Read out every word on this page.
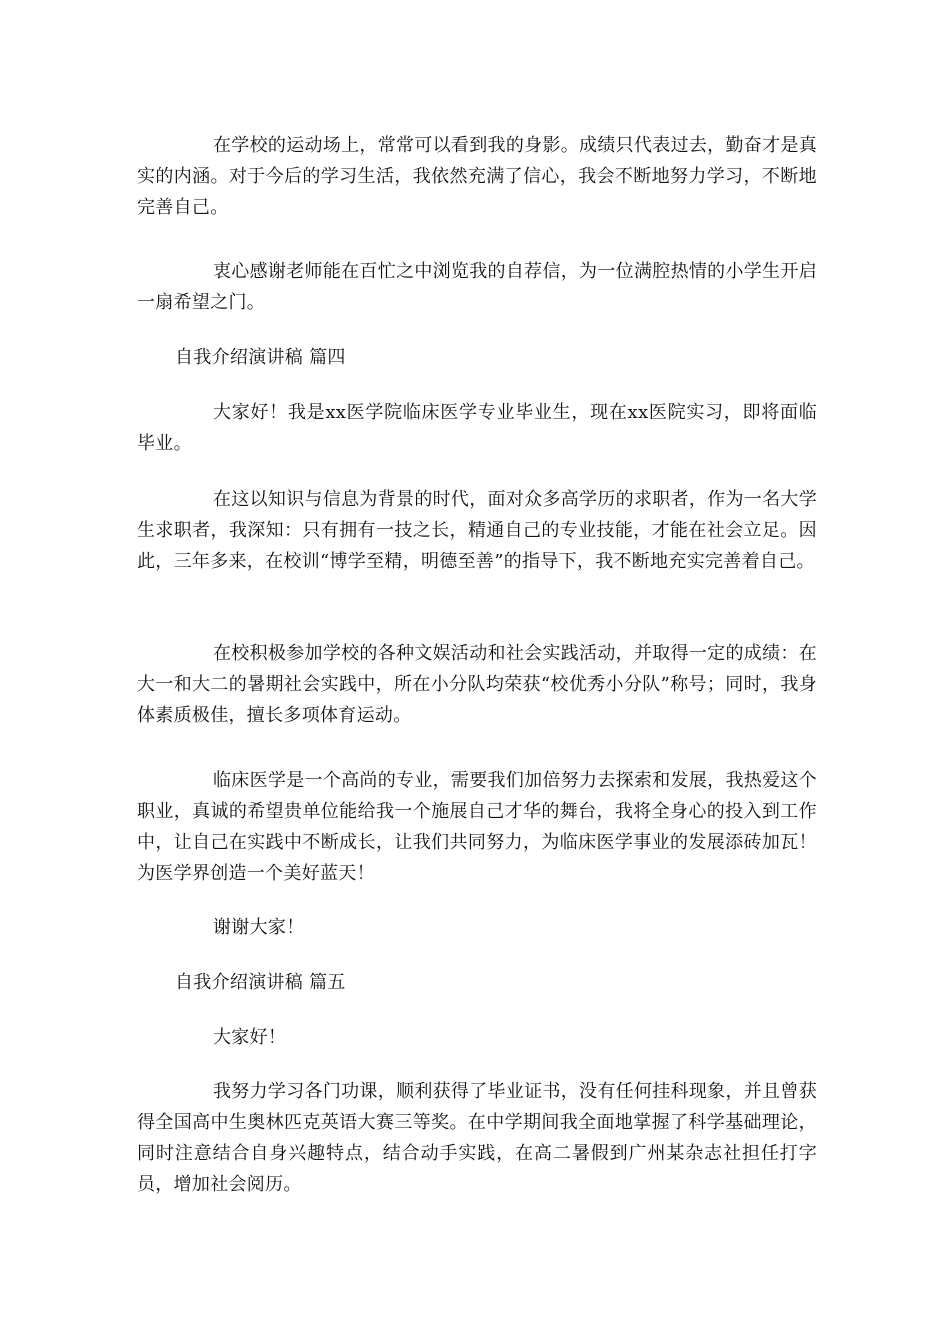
在学校的运动场上，常常可以看到我的身影。成绩只代表过去，勤奋才是真实的内涵。对于今后的学习生活，我依然充满了信心，我会不断地努力学习，不断地完善自己。

衷心感谢老师能在百忙之中浏览我的自荐信，为一位满腔热情的小学生开启一扇希望之门。

自我介绍演讲稿 篇四

大家好！我是xx医学院临床医学专业毕业生，现在xx医院实习，即将面临毕业。

在这以知识与信息为背景的时代，面对众多高学历的求职者，作为一名大学生求职者，我深知：只有拥有一技之长，精通自己的专业技能，才能在社会立足。因此，三年多来，在校训“博学至精，明德至善”的指导下，我不断地充实完善着自己。

在校积极参加学校的各种文娱活动和社会实践活动，并取得一定的成绩：在大一和大二的暑期社会实践中，所在小分队均荣获“校优秀小分队”称号；同时，我身体素质极佳，擅长多项体育运动。

临床医学是一个高尚的专业，需要我们加倍努力去探索和发展，我热爱这个职业，真诚的希望贵单位能给我一个施展自己才华的舞台，我将全身心的投入到工作中，让自己在实践中不断成长，让我们共同努力，为临床医学事业的发展添砖加瓦！为医学界创造一个美好蓝天！

谢谢大家！

自我介绍演讲稿 篇五

大家好！

我努力学习各门功课，顺利获得了毕业证书，没有任何挂科现象，并且曾获得全国高中生奥林匹克英语大赛三等奖。在中学期间我全面地掌握了科学基础理论，同时注意结合自身兴趣特点，结合动手实践，在高二暑假到广州某杂志社担任打字员，增加社会阅历。
